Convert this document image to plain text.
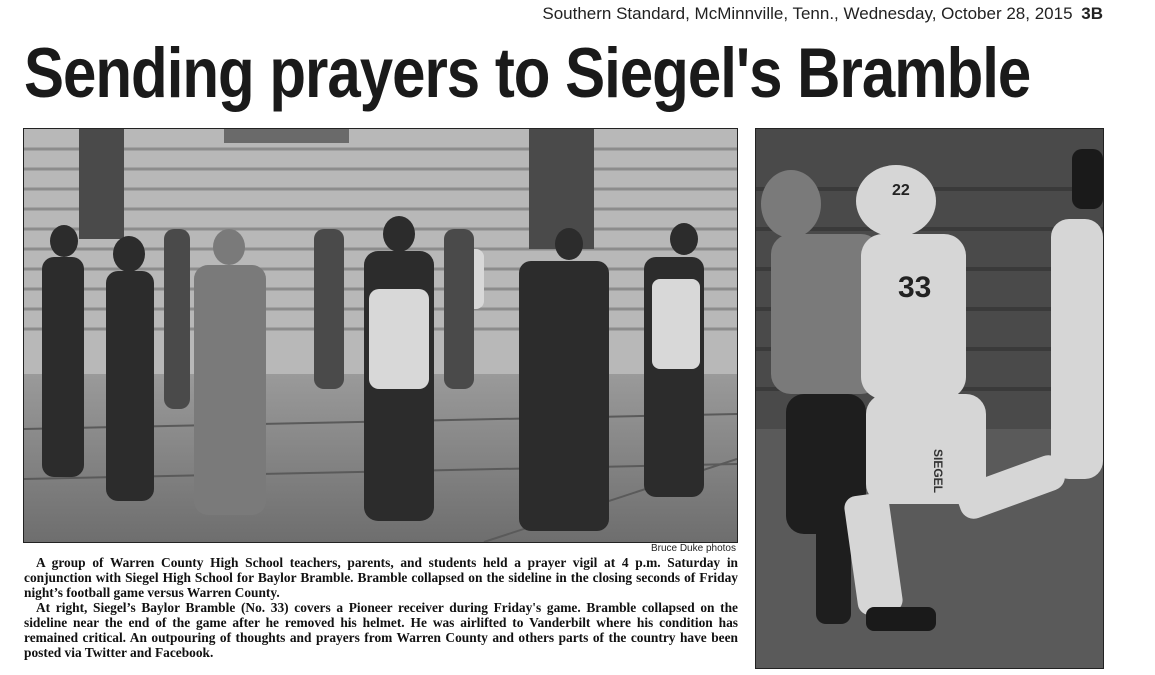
Southern Standard, McMinnville, Tenn., Wednesday, October 28, 2015 3B
Sending prayers to Siegel's Bramble
33
22
SIEGEL
Bruce Duke photos

A group of Warren County High School teachers, parents, and students held a prayer vigil at 4 p.m. Saturday in conjunction with Siegel High School for Baylor Bramble. Bramble collapsed on the sideline in the closing seconds of Friday night’s football game versus Warren County.

At right, Siegel’s Baylor Bramble (No. 33) covers a Pioneer receiver during Friday's game. Bramble collapsed on the sideline near the end of the game after he removed his helmet. He was airlifted to Vanderbilt where his condition has remained critical. An outpouring of thoughts and prayers from Warren County and others parts of the country have been posted via Twitter and Facebook.
